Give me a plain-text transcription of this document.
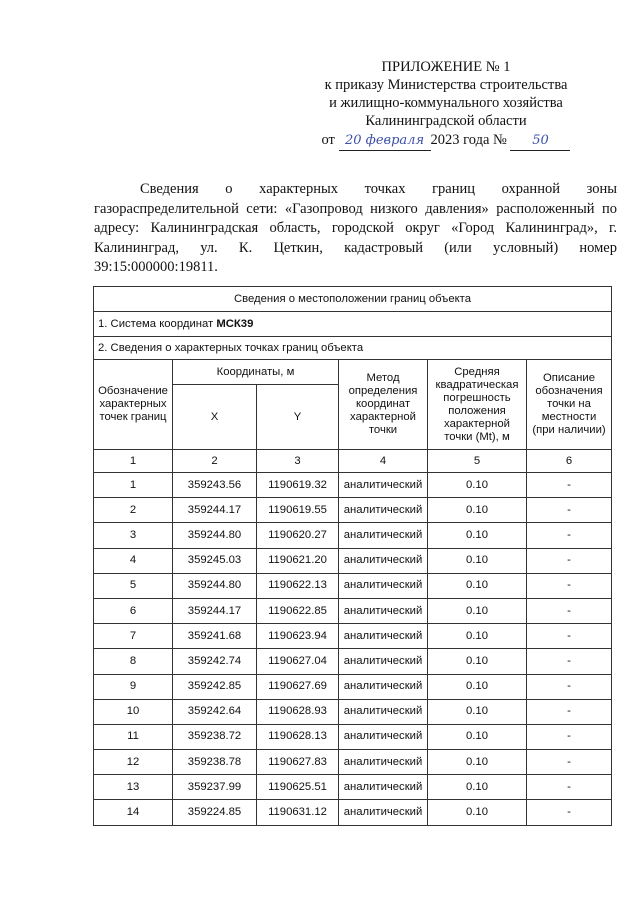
ПРИЛОЖЕНИЕ № 1
к приказу Министерства строительства
и жилищно-коммунального хозяйства
Калининградской области
от 20 февраля 2023 года № 50
Сведения о характерных точках границ охранной зоны газораспределительной сети: «Газопровод низкого давления» расположенный по адресу: Калининградская область, городской округ «Город Калининград», г. Калининград, ул. К. Цеткин, кадастровый (или условный) номер 39:15:000000:19811.
Сведения о местоположении границ объекта					
1. Система координат МСК39					
2. Сведения о характерных точках границ объекта					
Обозначение характерных точек границ	Координаты, м		Метод определения координат характерной точки	Средняя квадратическая погрешность положения характерной точки (Mt), м	Описание обозначения точки на местности (при наличии)
	X	Y			
1	2	3	4	5	6
1	359243.56	1190619.32	аналитический	0.10	-
2	359244.17	1190619.55	аналитический	0.10	-
3	359244.80	1190620.27	аналитический	0.10	-
4	359245.03	1190621.20	аналитический	0.10	-
5	359244.80	1190622.13	аналитический	0.10	-
6	359244.17	1190622.85	аналитический	0.10	-
7	359241.68	1190623.94	аналитический	0.10	-
8	359242.74	1190627.04	аналитический	0.10	-
9	359242.85	1190627.69	аналитический	0.10	-
10	359242.64	1190628.93	аналитический	0.10	-
11	359238.72	1190628.13	аналитический	0.10	-
12	359238.78	1190627.83	аналитический	0.10	-
13	359237.99	1190625.51	аналитический	0.10	-
14	359224.85	1190631.12	аналитический	0.10	-
